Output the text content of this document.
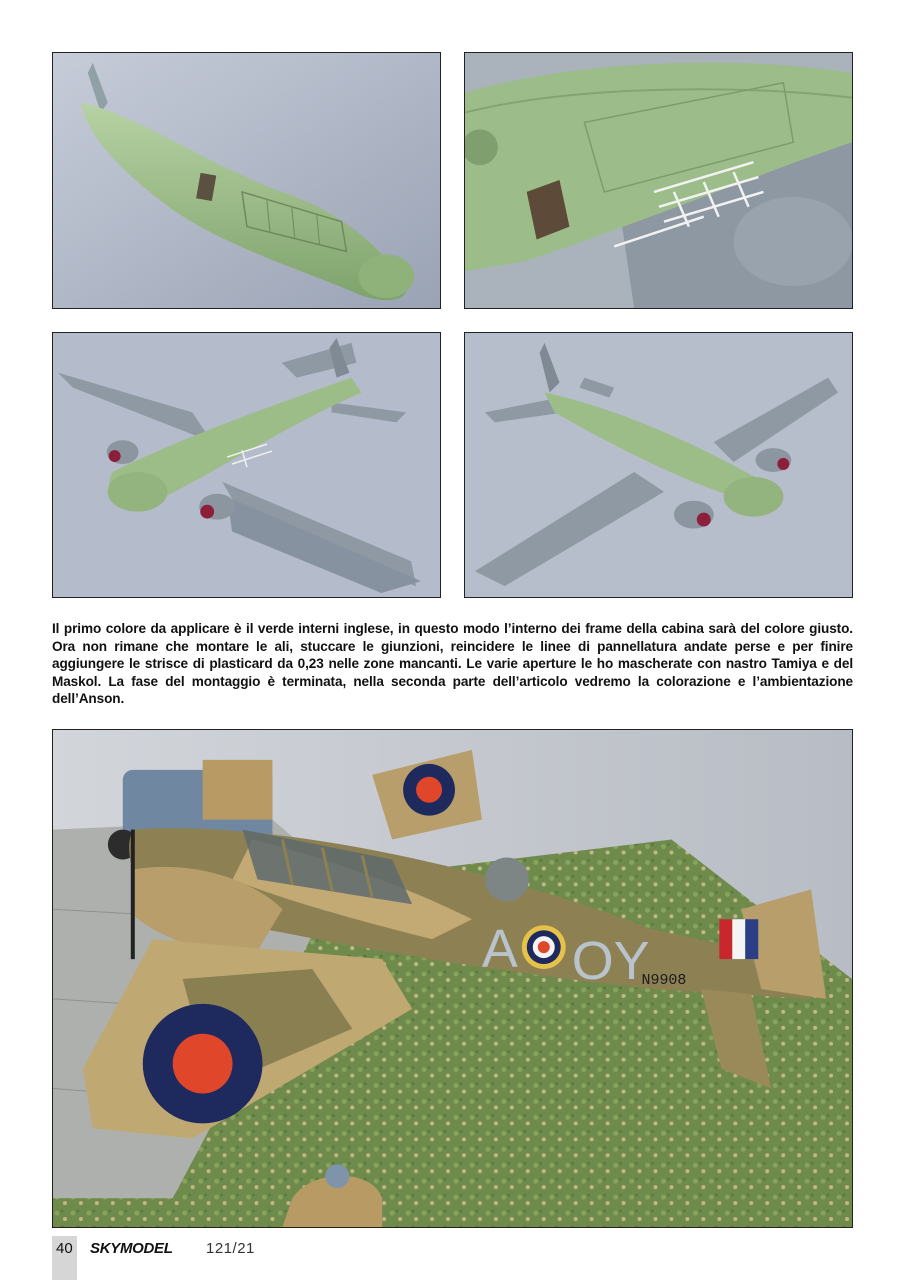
Il primo colore da applicare è il verde interni inglese, in questo modo l’interno dei frame della cabina sarà del colore giusto. Ora non rimane che montare le ali, stuccare le giunzioni, reincidere le linee di pannellatura andate perse e per finire aggiungere le strisce di plasticard da 0,23 nelle zone mancanti. Le varie aperture le ho mascherate con nastro Tamiya e del Maskol. La fase del montaggio è terminata, nella seconda parte dell’articolo vedremo la colorazione e l’ambientazione dell’Anson.

A OY
N9908
40 SKYMODEL 121/21
